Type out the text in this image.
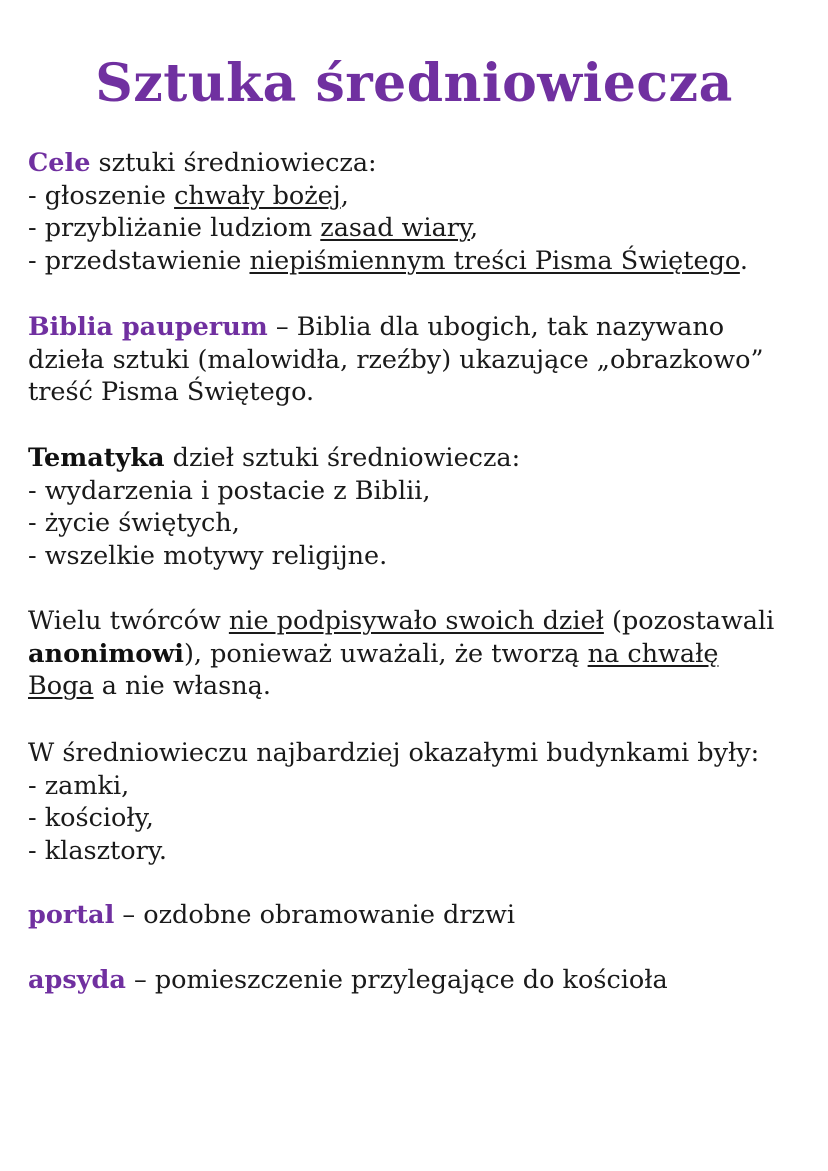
Sztuka średniowiecza
Cele sztuki średniowiecza:
- głoszenie chwały bożej,
- przybliżanie ludziom zasad wiary,
- przedstawienie niepiśmiennym treści Pisma Świętego.
Biblia pauperum – Biblia dla ubogich, tak nazywano
dzieła sztuki (malowidła, rzeźby) ukazujące „obrazkowo”
treść Pisma Świętego.
Tematyka dzieł sztuki średniowiecza:
- wydarzenia i postacie z Biblii,
- życie świętych,
- wszelkie motywy religijne.
Wielu twórców nie podpisywało swoich dzieł (pozostawali
anonimowi), ponieważ uważali, że tworzą na chwałę
Boga a nie własną.
W średniowieczu najbardziej okazałymi budynkami były:
- zamki,
- kościoły,
- klasztory.
portal – ozdobne obramowanie drzwi
apsyda – pomieszczenie przylegające do kościoła
